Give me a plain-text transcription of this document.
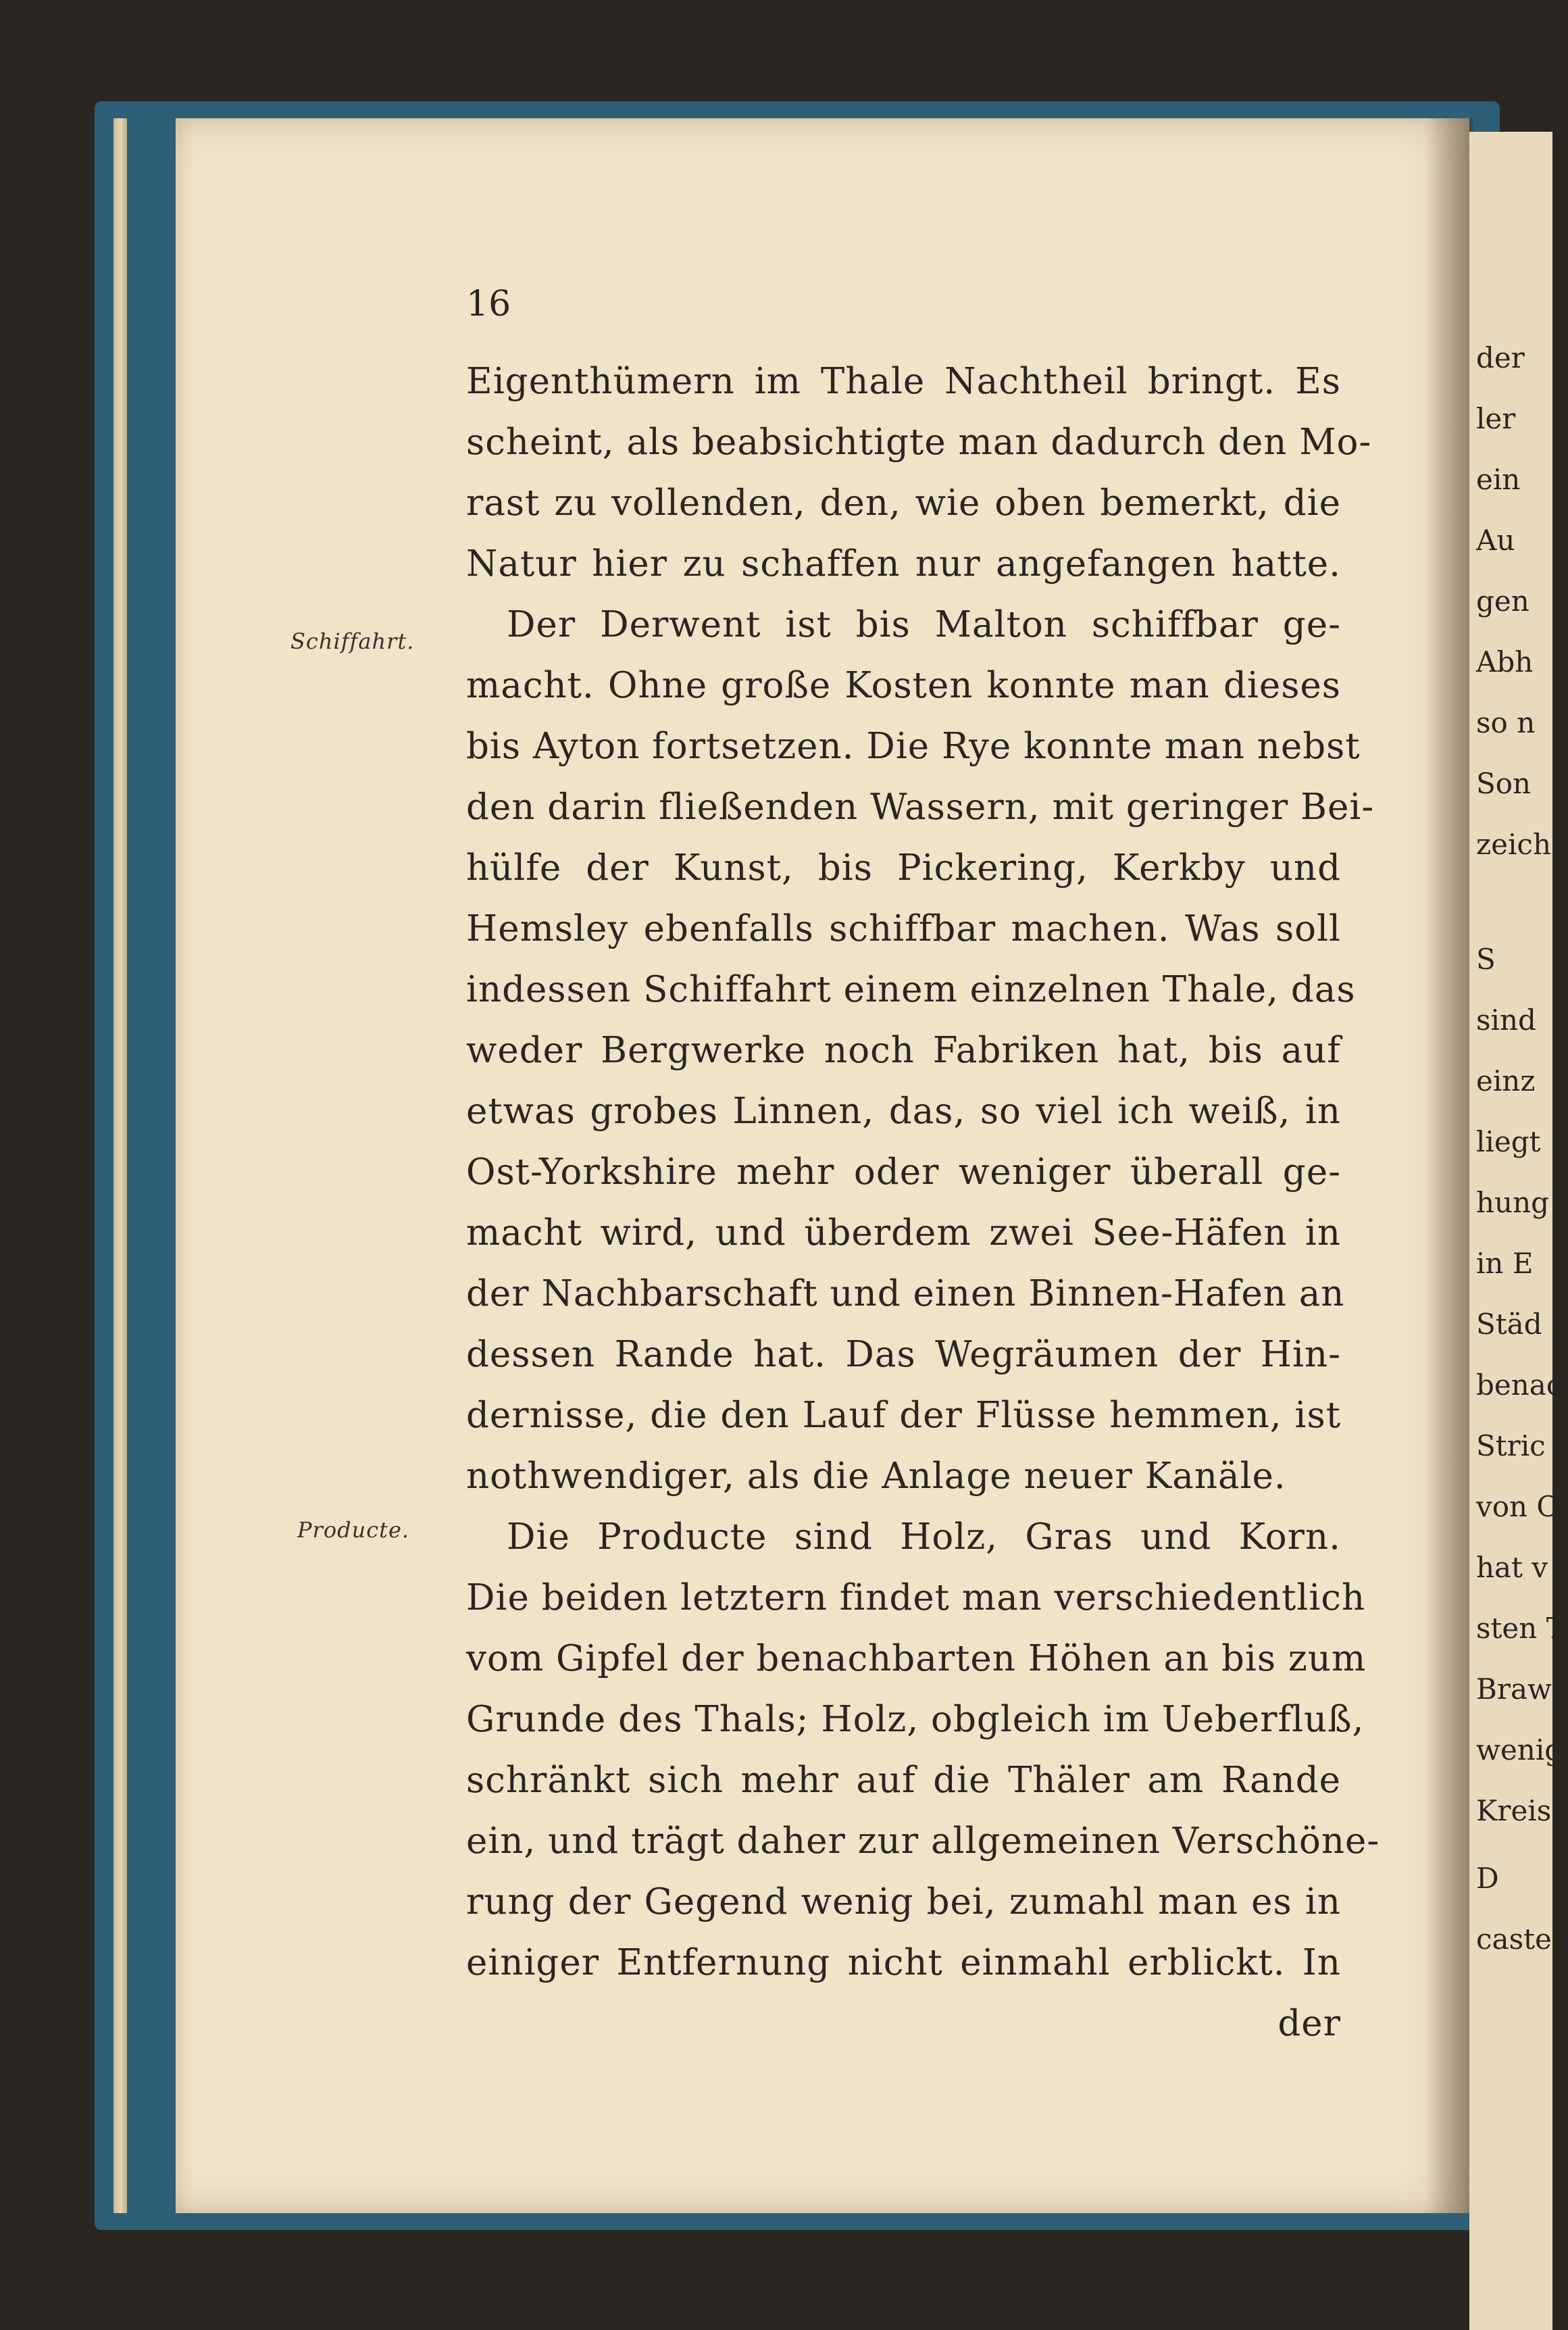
der
ler
ein
Au
gen
Abh
so n
Son
zeich
S
sind
einz
liegt
hung
in E
Städ
benac
Stric
von C
hat v
sten T
Braw
wenig
Kreise
D
caster
16
Schiffahrt.
Producte.
Eigenthümern im Thale Nachtheil bringt. Es
scheint, als beabsichtigte man dadurch den Mo-
rast zu vollenden, den, wie oben bemerkt, die
Natur hier zu schaffen nur angefangen hatte.
Der Derwent ist bis Malton schiffbar ge-
macht. Ohne große Kosten konnte man dieses
bis Ayton fortsetzen. Die Rye konnte man nebst
den darin fließenden Wassern, mit geringer Bei-
hülfe der Kunst, bis Pickering, Kerkby und
Hemsley ebenfalls schiffbar machen. Was soll
indessen Schiffahrt einem einzelnen Thale, das
weder Bergwerke noch Fabriken hat, bis auf
etwas grobes Linnen, das, so viel ich weiß, in
Ost-Yorkshire mehr oder weniger überall ge-
macht wird, und überdem zwei See-Häfen in
der Nachbarschaft und einen Binnen-Hafen an
dessen Rande hat. Das Wegräumen der Hin-
dernisse, die den Lauf der Flüsse hemmen, ist
nothwendiger, als die Anlage neuer Kanäle.
Die Producte sind Holz, Gras und Korn.
Die beiden letztern findet man verschiedentlich
vom Gipfel der benachbarten Höhen an bis zum
Grunde des Thals; Holz, obgleich im Ueberfluß,
schränkt sich mehr auf die Thäler am Rande
ein, und trägt daher zur allgemeinen Verschöne-
rung der Gegend wenig bei, zumahl man es in
einiger Entfernung nicht einmahl erblickt. In
der
